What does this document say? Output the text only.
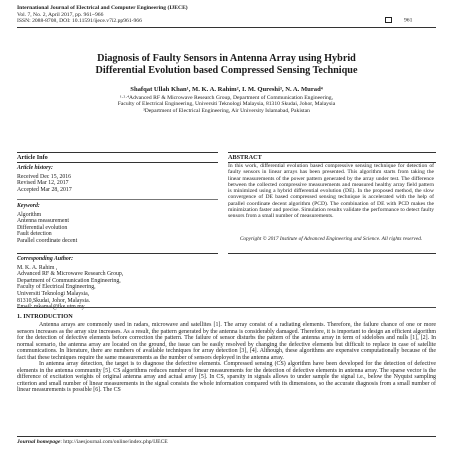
International Journal of Electrical and Computer Engineering (IJECE)
Vol. 7, No. 2, April 2017, pp. 961~966
ISSN: 2088-8708, DOI: 10.11591/ijece.v7i2.pp961-966	961
Diagnosis of Faulty Sensors in Antenna Array using Hybrid
Differential Evolution based Compressed Sensing Technique
Shafqat Ullah Khan¹, M. K. A. Rahim², I. M. Qureshi³, N. A. Murad⁴
¹·²·⁴Advanced RF & Microwave Research Group, Department of Communication Engineering,
Faculty of Electrical Engineering, Universiti Teknologi Malaysia, 81310 Skudai, Johor, Malaysia
³Department of Electrical Engineering, Air University Islamabad, Pakistan
Article Info	ABSTRACT
Article history:
Received Dec 15, 2016
Revised Mar 12, 2017
Accepted Mar 28, 2017
Keyword:
Algorithm
Antenna measurement
Differential evolution
Fault detection
Parallel coordinate decent
In this work, differential evolution based compressive sensing technique for detection of faulty sensors in linear arrays has been presented. This algorithm starts from taking the linear measurements of the power pattern generated by the array under test. The difference between the collected compressive measurements and measured healthy array field pattern is minimized using a hybrid differential evolution (DE). In the proposed method, the slow convergence of DE based compressed sensing technique is accelerated with the help of parallel coordinate decent algorithm (PCD). The combination of DE with PCD makes the minimization faster and precise. Simulation results validate the performance to detect faulty sensors from a small number of measurements.
Copyright © 2017 Institute of Advanced Engineering and Science. All rights reserved.
Corresponding Author:
M. K. A. Rahim ,
Advanced RF & Microwave Research Group,
Department of Communication Engineering,
Faculty of Electrical Engineering,
Universiti Teknologi Malaysia,
81310,Skudai, Johor, Malaysia.
Email: mkamal@fke.utm.my
1. INTRODUCTION

Antenna arrays are commonly used in radars, microwave and satellites [1]. The array consist of a radiating elements. Therefore, the failure chance of one or more sensors increases as the array size increases. As a result, the pattern generated by the antenna is considerably damaged. Therefore, it is important to design an efficient algorithm for the detection of defective elements before correction the pattern. The failure of sensor disturbs the pattern of the antenna array in term of sidelobes and nulls [1], [2]. In normal scenario, the antenna array are located on the ground, the issue can be easily resolved by changing the defective elements but difficult to replace in case of satellite communications. In literature, there are numbers of available techniques for array detection [3], [4]. Although, these algorithms are expensive computationally because of the fact that these techniques require the same measurements as the number of sensors deployed in the antenna array.

In antenna array detection, the target is to diagnose the defective elements. Compressed sensing (CS) algorithm have been developed for the detection of defective elements in the antenna community [5]. CS algorithms reduces number of linear measurements for the detection of defective elements in antenna array. The sparse vector is the difference of excitation weights of original antenna array and actual array [5]. In CS, sparsity in signals allows to under sample the signal i.e., below the Nyquist sampling criterion and small number of linear measurements in the signal consists the whole information compared with its dimensions, so the accurate diagnosis from a small number of linear measurements is possible [6]. The CS

Journal homepage: http://iaesjournal.com/online/index.php/IJECE
